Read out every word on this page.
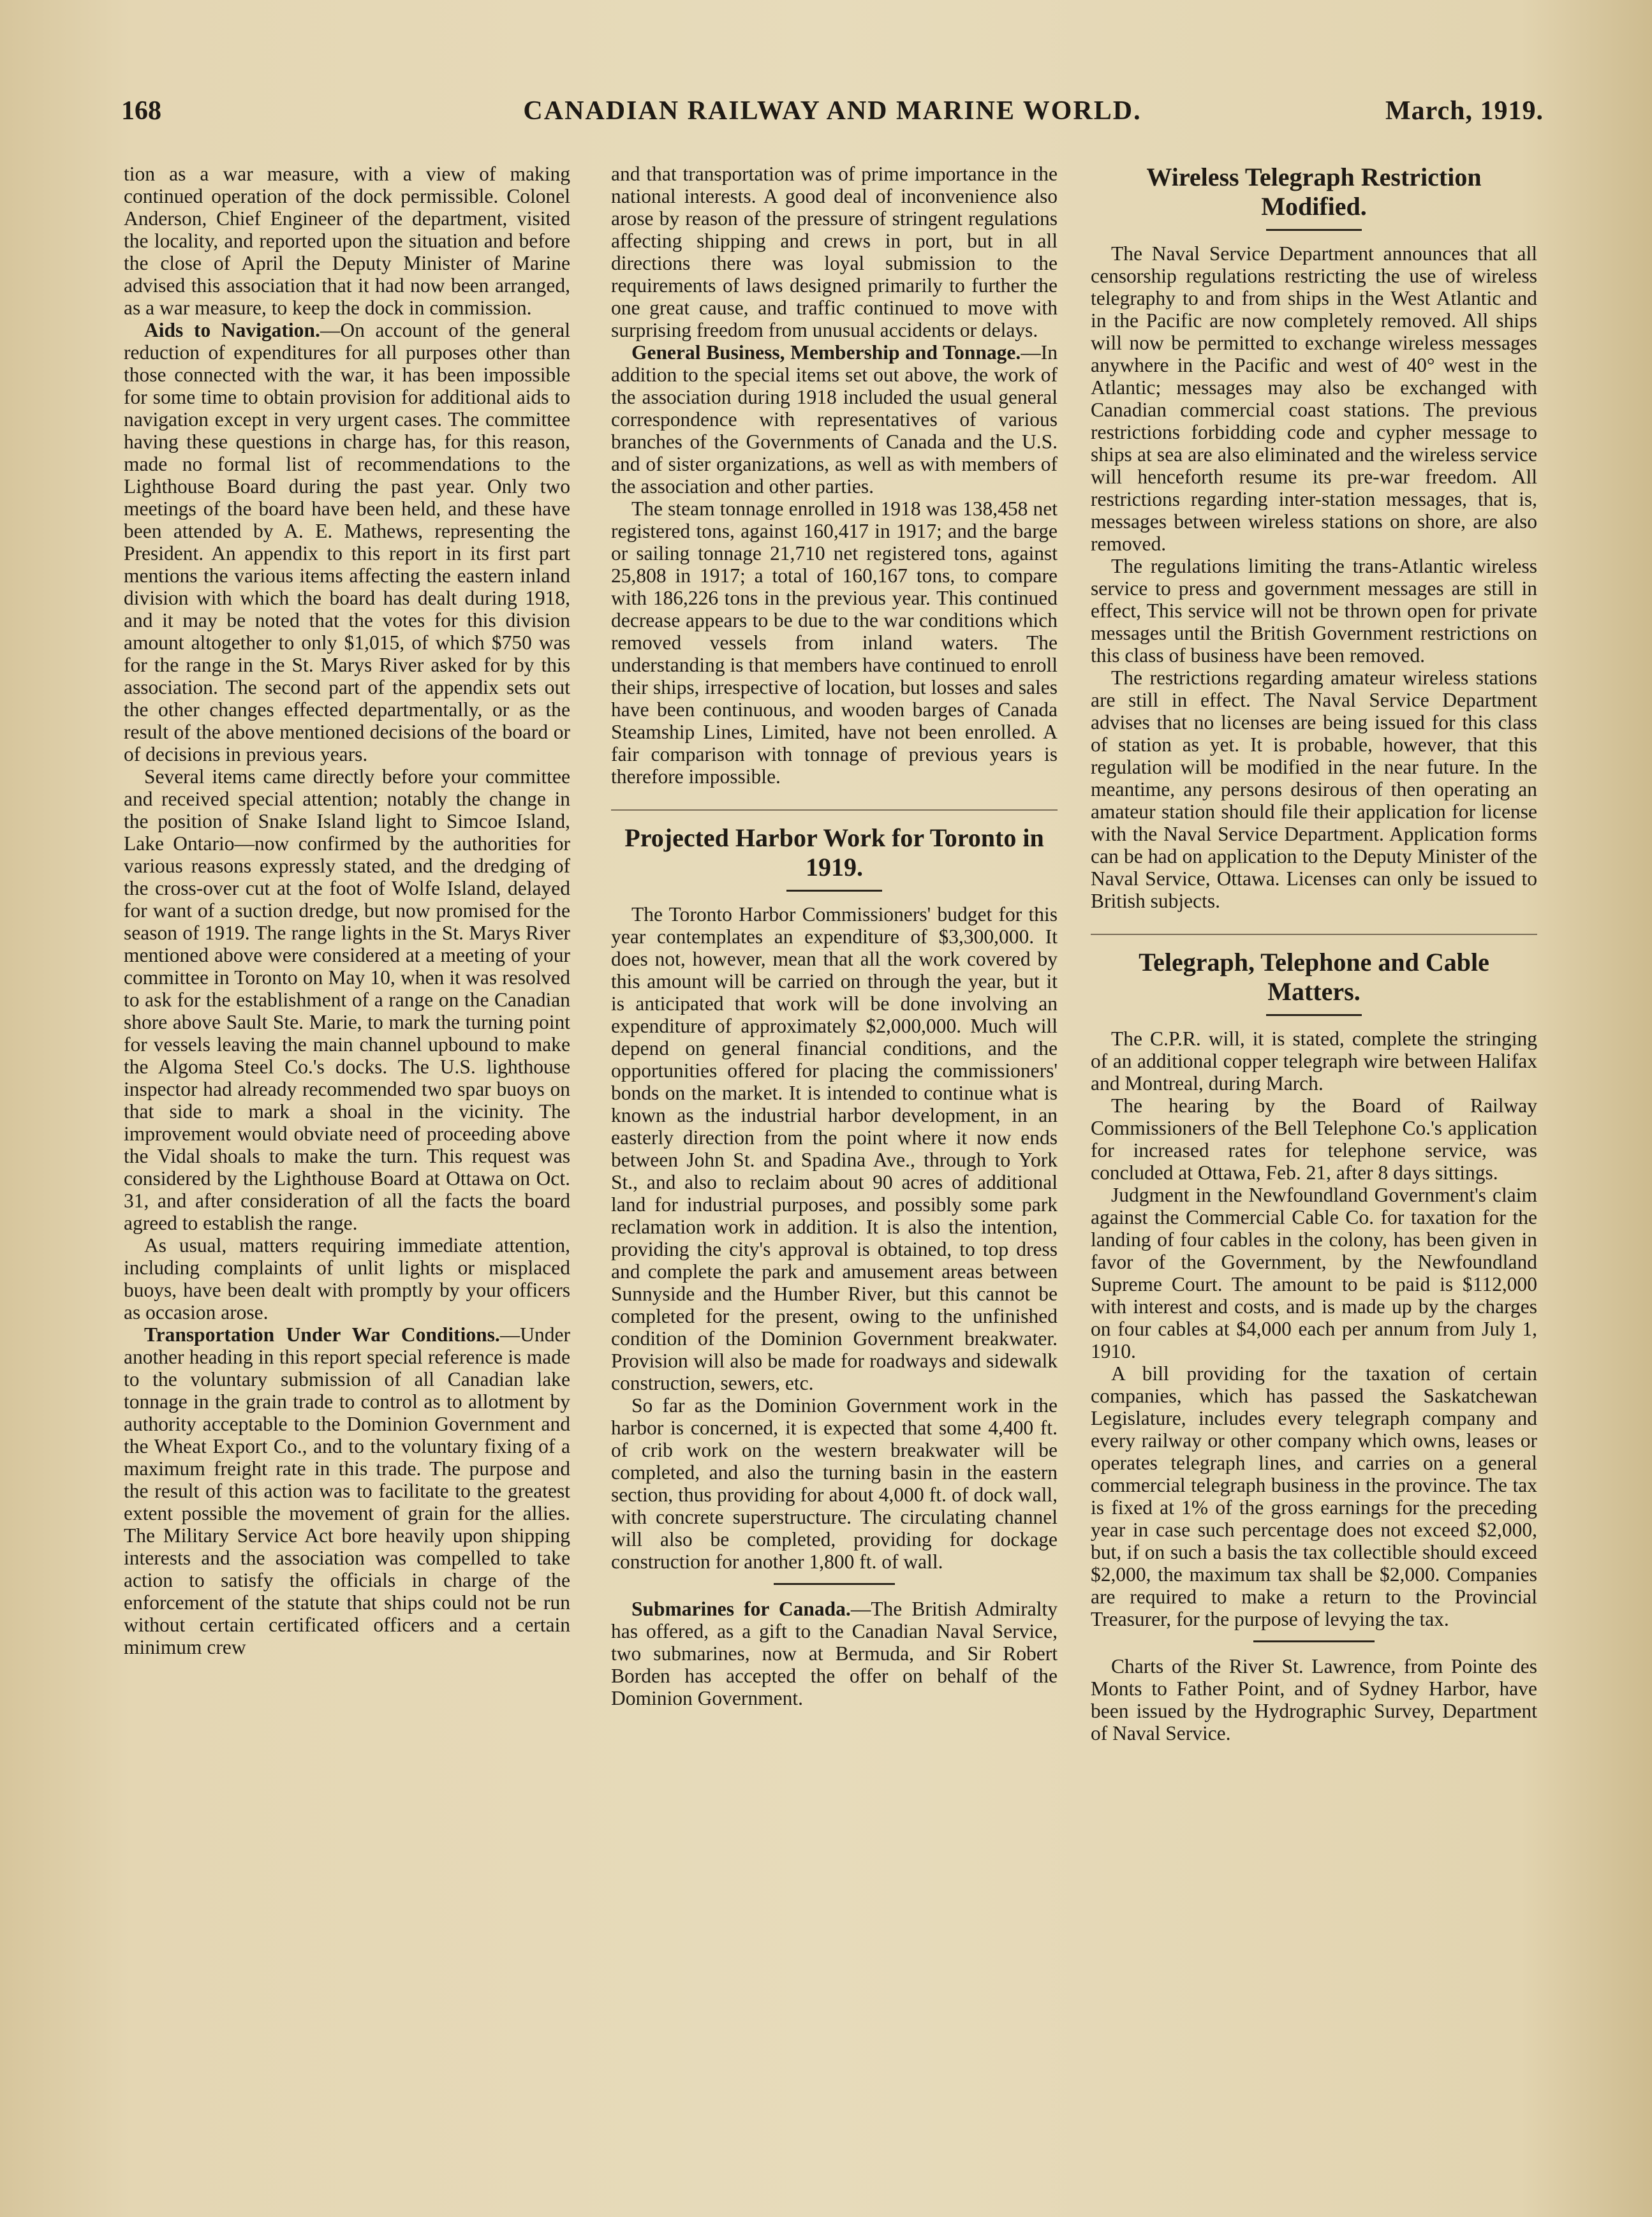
168	CANADIAN RAILWAY AND MARINE WORLD.	March, 1919.

tion as a war measure, with a view of making continued operation of the dock permissible. Colonel Anderson, Chief Engineer of the department, visited the locality, and reported upon the situation and before the close of April the Deputy Minister of Marine advised this association that it had now been arranged, as a war measure, to keep the dock in commission.

Aids to Navigation.—On account of the general reduction of expenditures for all purposes other than those connected with the war, it has been impossible for some time to obtain provision for additional aids to navigation except in very urgent cases. The committee having these questions in charge has, for this reason, made no formal list of recommendations to the Lighthouse Board during the past year. Only two meetings of the board have been held, and these have been attended by A. E. Mathews, representing the President. An appendix to this report in its first part mentions the various items affecting the eastern inland division with which the board has dealt during 1918, and it may be noted that the votes for this division amount altogether to only $1,015, of which $750 was for the range in the St. Marys River asked for by this association. The second part of the appendix sets out the other changes effected departmentally, or as the result of the above mentioned decisions of the board or of decisions in previous years.

Several items came directly before your committee and received special attention; notably the change in the position of Snake Island light to Simcoe Island, Lake Ontario—now confirmed by the authorities for various reasons expressly stated, and the dredging of the cross-over cut at the foot of Wolfe Island, delayed for want of a suction dredge, but now promised for the season of 1919. The range lights in the St. Marys River mentioned above were considered at a meeting of your committee in Toronto on May 10, when it was resolved to ask for the establishment of a range on the Canadian shore above Sault Ste. Marie, to mark the turning point for vessels leaving the main channel upbound to make the Algoma Steel Co.'s docks. The U.S. lighthouse inspector had already recommended two spar buoys on that side to mark a shoal in the vicinity. The improvement would obviate need of proceeding above the Vidal shoals to make the turn. This request was considered by the Lighthouse Board at Ottawa on Oct. 31, and after consideration of all the facts the board agreed to establish the range.

As usual, matters requiring immediate attention, including complaints of unlit lights or misplaced buoys, have been dealt with promptly by your officers as occasion arose.

Transportation Under War Conditions.—Under another heading in this report special reference is made to the voluntary submission of all Canadian lake tonnage in the grain trade to control as to allotment by authority acceptable to the Dominion Government and the Wheat Export Co., and to the voluntary fixing of a maximum freight rate in this trade. The purpose and the result of this action was to facilitate to the greatest extent possible the movement of grain for the allies. The Military Service Act bore heavily upon shipping interests and the association was compelled to take action to satisfy the officials in charge of the enforcement of the statute that ships could not be run without certain certificated officers and a certain minimum crew

and that transportation was of prime importance in the national interests. A good deal of inconvenience also arose by reason of the pressure of stringent regulations affecting shipping and crews in port, but in all directions there was loyal submission to the requirements of laws designed primarily to further the one great cause, and traffic continued to move with surprising freedom from unusual accidents or delays.

General Business, Membership and Tonnage.—In addition to the special items set out above, the work of the association during 1918 included the usual general correspondence with representatives of various branches of the Governments of Canada and the U.S. and of sister organizations, as well as with members of the association and other parties.

The steam tonnage enrolled in 1918 was 138,458 net registered tons, against 160,417 in 1917; and the barge or sailing tonnage 21,710 net registered tons, against 25,808 in 1917; a total of 160,167 tons, to compare with 186,226 tons in the previous year. This continued decrease appears to be due to the war conditions which removed vessels from inland waters. The understanding is that members have continued to enroll their ships, irrespective of location, but losses and sales have been continuous, and wooden barges of Canada Steamship Lines, Limited, have not been enrolled. A fair comparison with tonnage of previous years is therefore impossible.

Projected Harbor Work for Toronto in 1919.

The Toronto Harbor Commissioners' budget for this year contemplates an expenditure of $3,300,000. It does not, however, mean that all the work covered by this amount will be carried on through the year, but it is anticipated that work will be done involving an expenditure of approximately $2,000,000. Much will depend on general financial conditions, and the opportunities offered for placing the commissioners' bonds on the market. It is intended to continue what is known as the industrial harbor development, in an easterly direction from the point where it now ends between John St. and Spadina Ave., through to York St., and also to reclaim about 90 acres of additional land for industrial purposes, and possibly some park reclamation work in addition. It is also the intention, providing the city's approval is obtained, to top dress and complete the park and amusement areas between Sunnyside and the Humber River, but this cannot be completed for the present, owing to the unfinished condition of the Dominion Government breakwater. Provision will also be made for roadways and sidewalk construction, sewers, etc.

So far as the Dominion Government work in the harbor is concerned, it is expected that some 4,400 ft. of crib work on the western breakwater will be completed, and also the turning basin in the eastern section, thus providing for about 4,000 ft. of dock wall, with concrete superstructure. The circulating channel will also be completed, providing for dockage construction for another 1,800 ft. of wall.

Submarines for Canada.—The British Admiralty has offered, as a gift to the Canadian Naval Service, two submarines, now at Bermuda, and Sir Robert Borden has accepted the offer on behalf of the Dominion Government.

Wireless Telegraph Restriction Modified.

The Naval Service Department announces that all censorship regulations restricting the use of wireless telegraphy to and from ships in the West Atlantic and in the Pacific are now completely removed. All ships will now be permitted to exchange wireless messages anywhere in the Pacific and west of 40° west in the Atlantic; messages may also be exchanged with Canadian commercial coast stations. The previous restrictions forbidding code and cypher message to ships at sea are also eliminated and the wireless service will henceforth resume its pre-war freedom. All restrictions regarding inter-station messages, that is, messages between wireless stations on shore, are also removed.

The regulations limiting the trans-Atlantic wireless service to press and government messages are still in effect, This service will not be thrown open for private messages until the British Government restrictions on this class of business have been removed.

The restrictions regarding amateur wireless stations are still in effect. The Naval Service Department advises that no licenses are being issued for this class of station as yet. It is probable, however, that this regulation will be modified in the near future. In the meantime, any persons desirous of then operating an amateur station should file their application for license with the Naval Service Department. Application forms can be had on application to the Deputy Minister of the Naval Service, Ottawa. Licenses can only be issued to British subjects.

Telegraph, Telephone and Cable Matters.

The C.P.R. will, it is stated, complete the stringing of an additional copper telegraph wire between Halifax and Montreal, during March.

The hearing by the Board of Railway Commissioners of the Bell Telephone Co.'s application for increased rates for telephone service, was concluded at Ottawa, Feb. 21, after 8 days sittings.

Judgment in the Newfoundland Government's claim against the Commercial Cable Co. for taxation for the landing of four cables in the colony, has been given in favor of the Government, by the Newfoundland Supreme Court. The amount to be paid is $112,000 with interest and costs, and is made up by the charges on four cables at $4,000 each per annum from July 1, 1910.

A bill providing for the taxation of certain companies, which has passed the Saskatchewan Legislature, includes every telegraph company and every railway or other company which owns, leases or operates telegraph lines, and carries on a general commercial telegraph business in the province. The tax is fixed at 1% of the gross earnings for the preceding year in case such percentage does not exceed $2,000, but, if on such a basis the tax collectible should exceed $2,000, the maximum tax shall be $2,000. Companies are required to make a return to the Provincial Treasurer, for the purpose of levying the tax.

Charts of the River St. Lawrence, from Pointe des Monts to Father Point, and of Sydney Harbor, have been issued by the Hydrographic Survey, Department of Naval Service.
